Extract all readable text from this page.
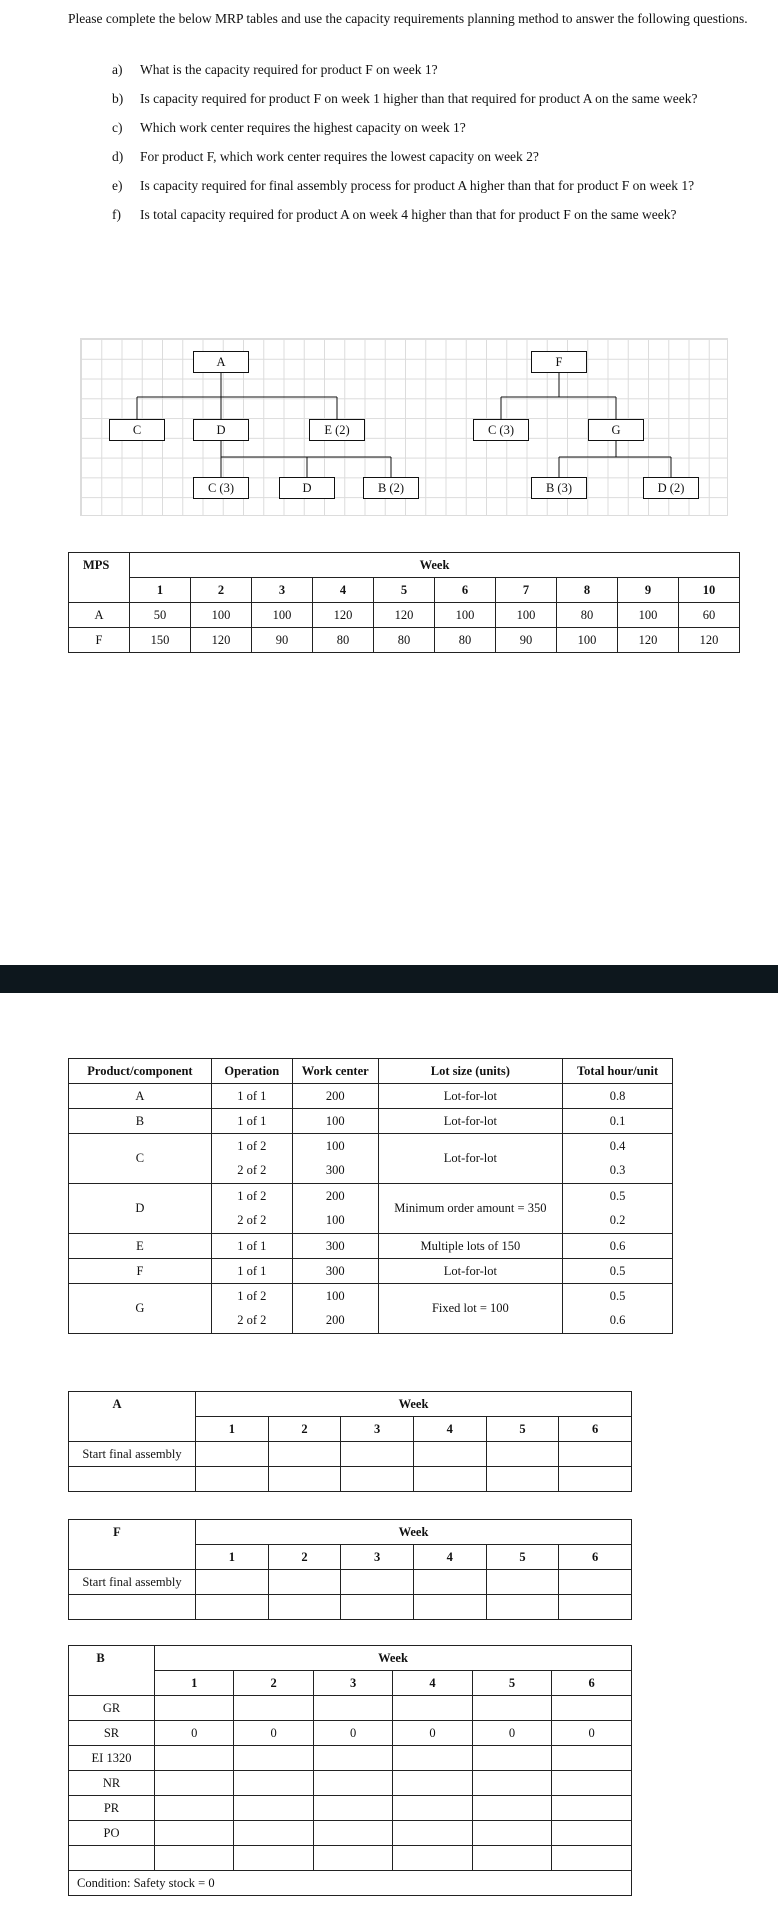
Please complete the below MRP tables and use the capacity requirements planning method to answer the following questions.
a)	What is the capacity required for product F on week 1?
b)	Is capacity required for product F on week 1 higher than that required for product A on the same week?
c)	Which work center requires the highest capacity on week 1?
d)	For product F, which work center requires the lowest capacity on week 2?
e)	Is capacity required for final assembly process for product A higher than that for product F on week 1?
f)	Is total capacity required for product A on week 4 higher than that for product F on the same week?
A
C	D	E (2)
C (3)	D	B (2)
F
C (3)	G
B (3)	D (2)
MPS	Week									
	1	2	3	4	5	6	7	8	9	10
A	50	100	100	120	120	100	100	80	100	60
F	150	120	90	80	80	80	90	100	120	120
Product/component	Operation	Work center	Lot size (units)	Total hour/unit
A	1 of 1	200	Lot-for-lot	0.8
B	1 of 1	100	Lot-for-lot	0.1
C	1 of 2	100	Lot-for-lot	0.4
	2 of 2	300		0.3
D	1 of 2	200	Minimum order amount = 350	0.5
	2 of 2	100		0.2
E	1 of 1	300	Multiple lots of 150	0.6
F	1 of 1	300	Lot-for-lot	0.5
G	1 of 2	100	Fixed lot = 100	0.5
	2 of 2	200		0.6
A	Week					
	1	2	3	4	5	6
Start final assembly						

F	Week					
	1	2	3	4	5	6
Start final assembly						

B	Week					
	1	2	3	4	5	6
GR						
SR	0	0	0	0	0	0
EI 1320						
NR						
PR						
PO						

Condition: Safety stock = 0						
